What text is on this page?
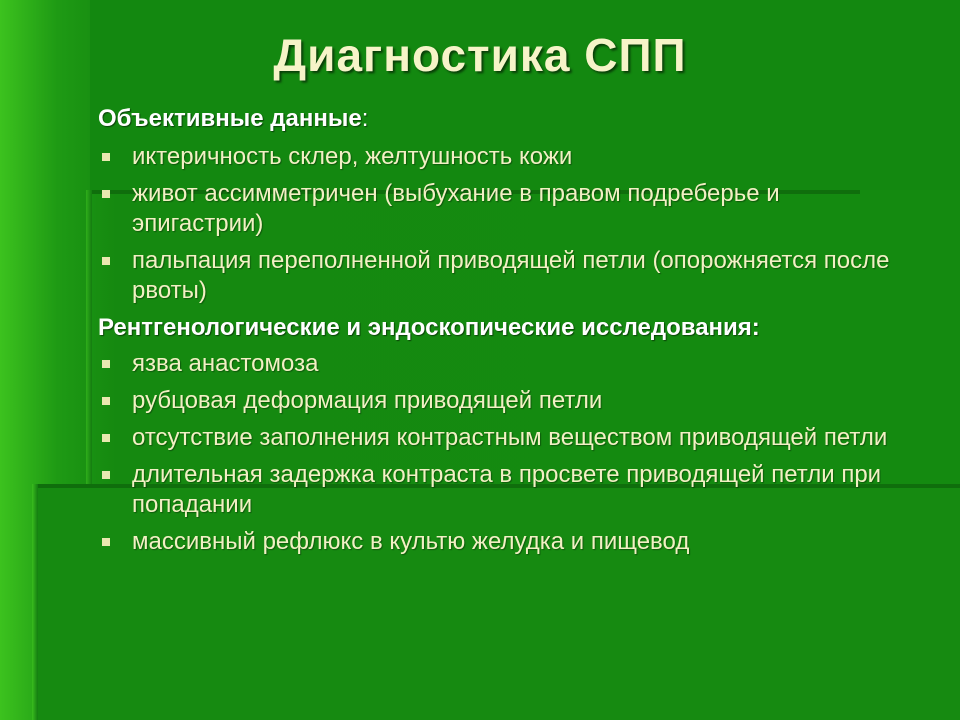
Диагностика СПП

Объективные данные:

иктеричность склер, желтушность кожи
живот ассимметричен (выбухание в правом подреберье и эпигастрии)
пальпация переполненной приводящей петли (опорожняется после рвоты)

Рентгенологические и эндоскопические исследования:

язва анастомоза
рубцовая деформация приводящей петли
отсутствие заполнения контрастным веществом приводящей петли
длительная задержка контраста в просвете приводящей петли при попадании
массивный рефлюкс в культю желудка и пищевод
